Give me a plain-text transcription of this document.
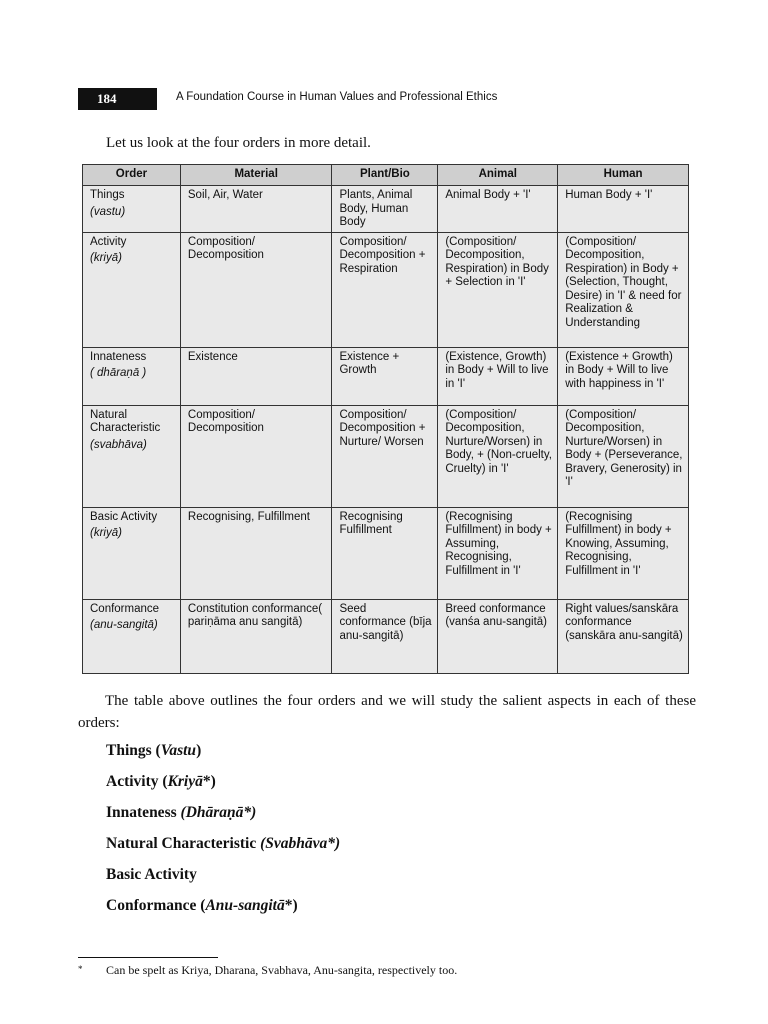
184	A Foundation Course in Human Values and Professional Ethics
Let us look at the four orders in more detail.
Order	Material	Plant/Bio	Animal	Human
Things
(vastu)	Soil, Air, Water	Plants, Animal Body, Human Body	Animal Body + 'I'	Human Body + 'I'
Activity
(kriyā)	Composition/ Decomposition	Composition/ Decomposition + Respiration	(Composition/ Decomposition, Respiration) in Body + Selection in 'I'	(Composition/ Decomposition, Respiration) in Body + (Selection, Thought, Desire) in 'I' & need for Realization & Understanding
Innateness
( dhāraṇā )	Existence	Existence + Growth	(Existence, Growth) in Body + Will to live in 'I'	(Existence + Growth) in Body + Will to live with happiness in 'I'
Natural Characteristic
(svabhāva)	Composition/ Decomposition	Composition/ Decomposition + Nurture/ Worsen	(Composition/ Decomposition, Nurture/Worsen) in Body, + (Non-cruelty, Cruelty) in 'I'	(Composition/ Decomposition, Nurture/Worsen) in Body + (Perseverance, Bravery, Generosity) in 'I'
Basic Activity
(kriyā)	Recognising, Fulfillment	Recognising Fulfillment	(Recognising Fulfillment) in body + Assuming, Recognising, Fulfillment in 'I'	(Recognising Fulfillment) in body + Knowing, Assuming, Recognising, Fulfillment in 'I'
Conformance
(anu-sangitā)	Constitution conformance( pariṇāma anu sangitā)	Seed conformance (bīja anu-sangitā)	Breed conformance (vanśa anu-sangitā)	Right values/sanskāra conformance (sanskāra anu-sangitā)
The table above outlines the four orders and we will study the salient aspects in each of these orders:
Things (Vastu)
Activity (Kriyā*)
Innateness (Dhāraṇā*)
Natural Characteristic (Svabhāva*)
Basic Activity
Conformance (Anu-sangitā*)
* Can be spelt as Kriya, Dharana, Svabhava, Anu-sangita, respectively too.
